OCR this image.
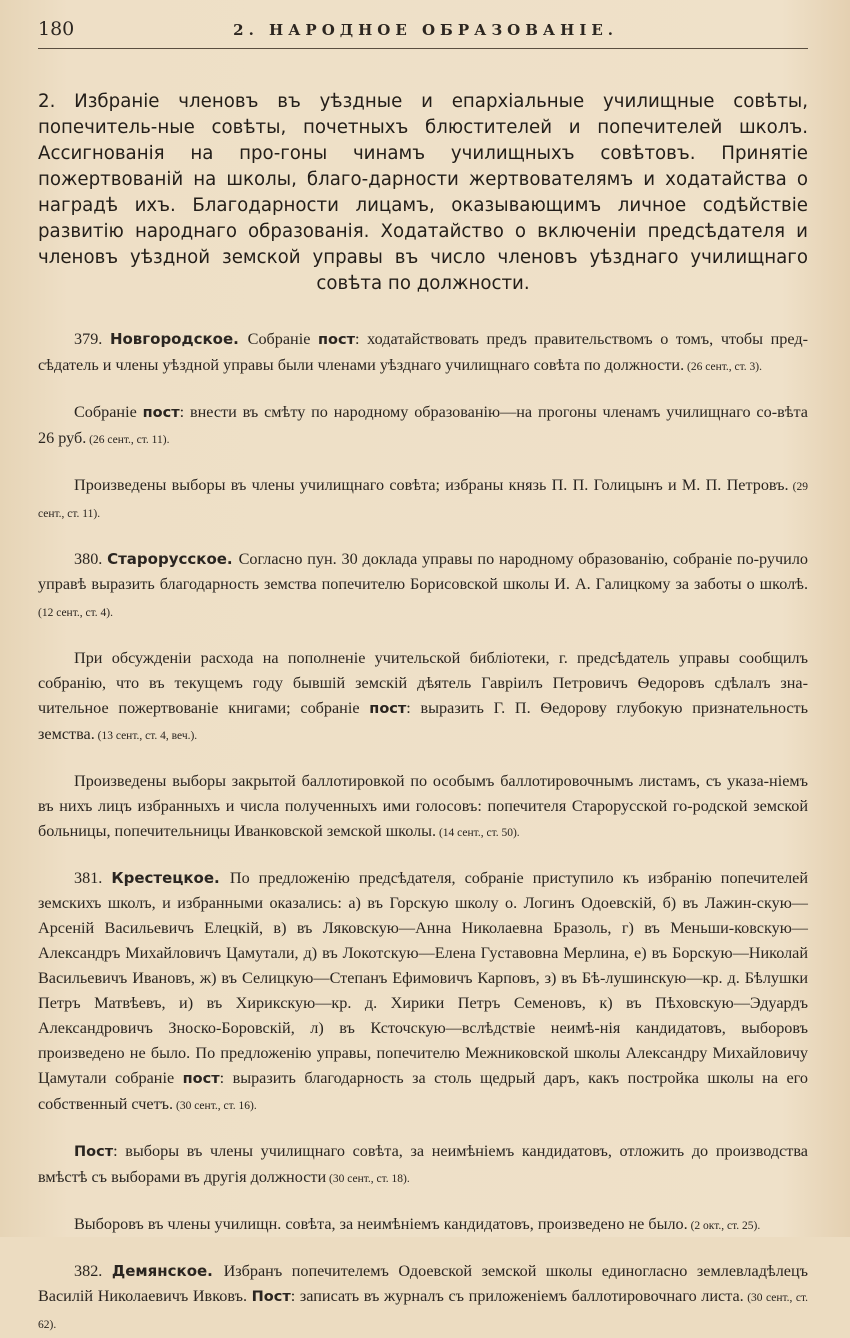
180	2. НАРОДНОЕ ОБРАЗОВАНІЕ.

2. Избраніе членовъ въ уѣздные и епархіальные училищные совѣты, попечитель-ные совѣты, почетныхъ блюстителей и попечителей школъ. Ассигнованія на про-гоны чинамъ училищныхъ совѣтовъ. Принятіе пожертвованій на школы, благо-дарности жертвователямъ и ходатайства о наградѣ ихъ. Благодарности лицамъ, оказывающимъ личное содѣйствіе развитію народнаго образованія. Ходатайство о включеніи предсѣдателя и членовъ уѣздной земской управы въ число членовъ уѣзднаго училищнаго совѣта по должности.

379. Новгородское. Собраніе пост: ходатайствовать предъ правительствомъ о томъ, чтобы пред-сѣдатель и члены уѣздной управы были членами уѣзднаго училищнаго совѣта по должности. (26 сент., ст. 3).

Собраніе пост: внести въ смѣту по народному образованію—на прогоны членамъ училищнаго со-вѣта 26 руб. (26 сент., ст. 11).

Произведены выборы въ члены училищнаго совѣта; избраны князь П. П. Голицынъ и М. П. Петровъ. (29 сент., ст. 11).

380. Старорусское. Согласно пун. 30 доклада управы по народному образованію, собраніе по-ручило управѣ выразить благодарность земства попечителю Борисовской школы И. А. Галицкому за заботы о школѣ. (12 сент., ст. 4).

При обсужденіи расхода на пополненіе учительской библіотеки, г. предсѣдатель управы сообщилъ собранію, что въ текущемъ году бывшій земскій дѣятель Гавріилъ Петровичъ Ѳедоровъ сдѣлалъ зна-чительное пожертвованіе книгами; собраніе пост: выразить Г. П. Ѳедорову глубокую признательность земства. (13 сент., ст. 4, веч.).

Произведены выборы закрытой баллотировкой по особымъ баллотировочнымъ листамъ, съ указа-ніемъ въ нихъ лицъ избранныхъ и числа полученныхъ ими голосовъ: попечителя Старорусской го-родской земской больницы, попечительницы Иванковской земской школы. (14 сент., ст. 50).

381. Крестецкое. По предложенію предсѣдателя, собраніе приступило къ избранію попечителей земскихъ школъ, и избранными оказались: а) въ Горскую школу о. Логинъ Одоевскій, б) въ Лажин-скую—Арсеній Васильевичъ Елецкій, в) въ Ляковскую—Анна Николаевна Бразоль, г) въ Меньши-ковскую—Александръ Михайловичъ Цамутали, д) въ Локотскую—Елена Густавовна Мерлина, е) въ Борскую—Николай Васильевичъ Ивановъ, ж) въ Селицкую—Степанъ Ефимовичъ Карповъ, з) въ Бѣ-лушинскую—кр. д. Бѣлушки Петръ Матвѣевъ, и) въ Хирикскую—кр. д. Хирики Петръ Семеновъ, к) въ Пѣховскую—Эдуардъ Александровичъ Зноско-Боровскій, л) въ Ксточскую—вслѣдствіе неимѣ-нія кандидатовъ, выборовъ произведено не было. По предложенію управы, попечителю Межниковской школы Александру Михайловичу Цамутали собраніе пост: выразить благодарность за столь щедрый даръ, какъ постройка школы на его собственный счетъ. (30 сент., ст. 16).

Пост: выборы въ члены училищнаго совѣта, за неимѣніемъ кандидатовъ, отложить до производства вмѣстѣ съ выборами въ другія должности (30 сент., ст. 18).

Выборовъ въ члены училищн. совѣта, за неимѣніемъ кандидатовъ, произведено не было. (2 окт., ст. 25).

382. Демянское. Избранъ попечителемъ Одоевской земской школы единогласно землевладѣлецъ Василій Николаевичъ Ивковъ. Пост: записать въ журналъ съ приложеніемъ баллотировочнаго листа. (30 сент., ст. 62).
